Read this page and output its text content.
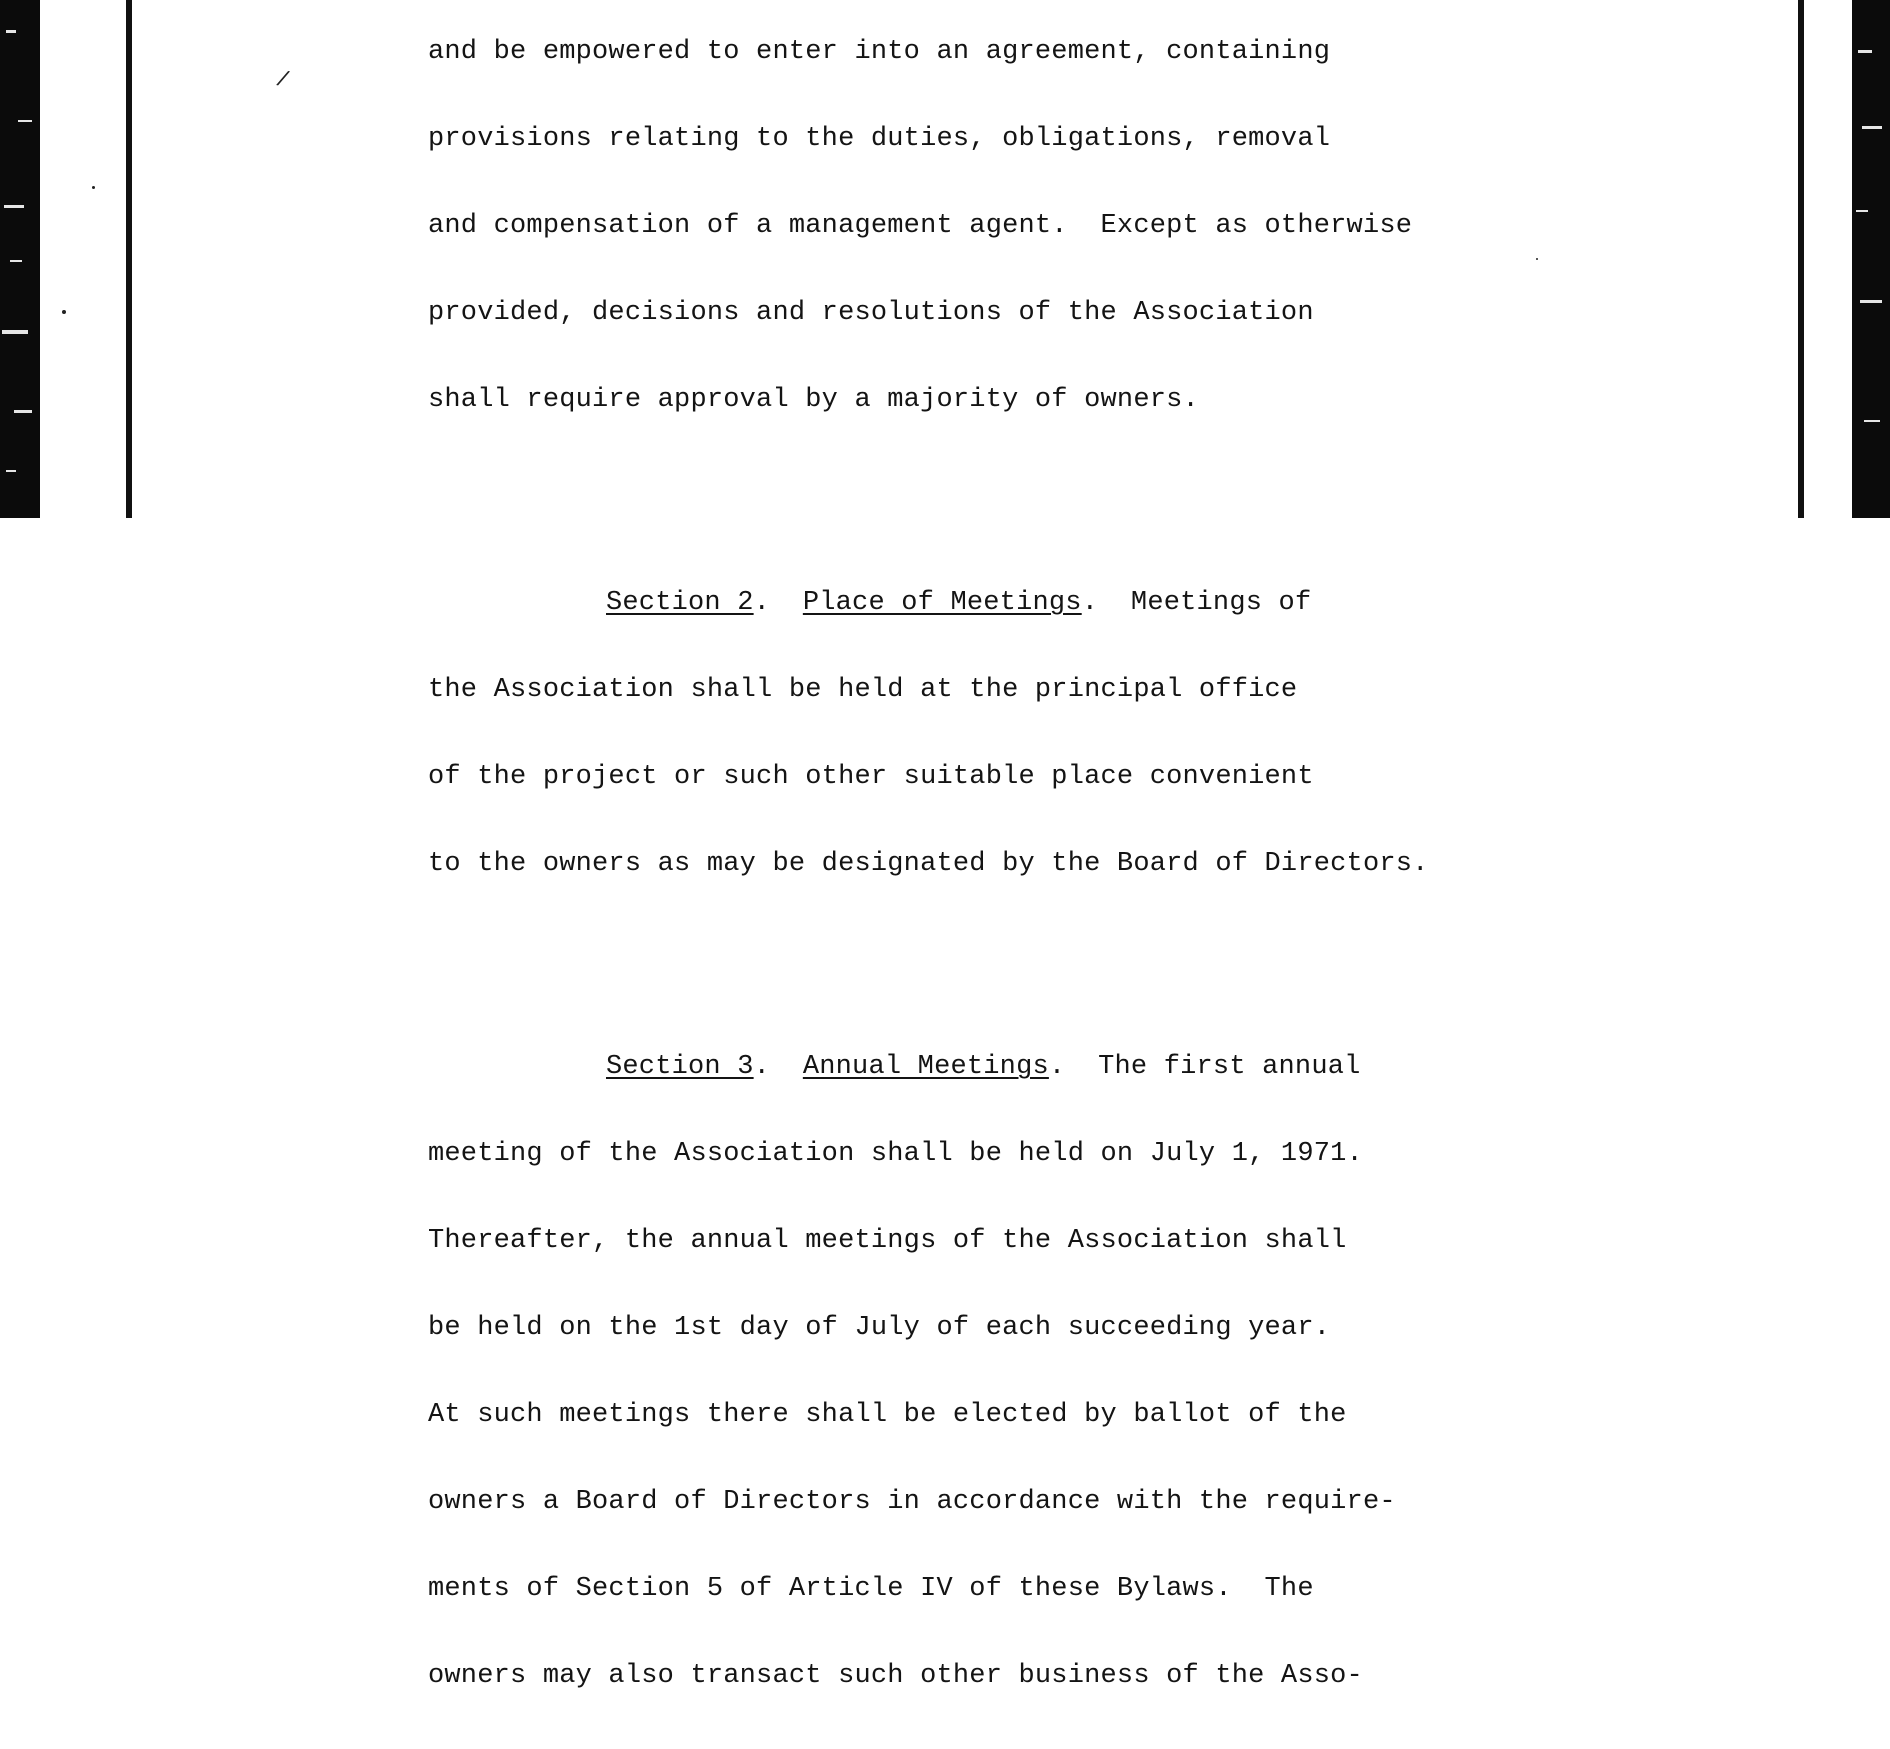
/

and be empowered to enter into an agreement, containing

provisions relating to the duties, obligations, removal

and compensation of a management agent.  Except as otherwise

provided, decisions and resolutions of the Association

shall require approval by a majority of owners.

Section 2.  Place of Meetings.  Meetings of

the Association shall be held at the principal office

of the project or such other suitable place convenient

to the owners as may be designated by the Board of Directors.

Section 3.  Annual Meetings.  The first annual

meeting of the Association shall be held on July 1, 1971.

Thereafter, the annual meetings of the Association shall

be held on the 1st day of July of each succeeding year.

At such meetings there shall be elected by ballot of the

owners a Board of Directors in accordance with the require-

ments of Section 5 of Article IV of these Bylaws.  The

owners may also transact such other business of the Asso-
